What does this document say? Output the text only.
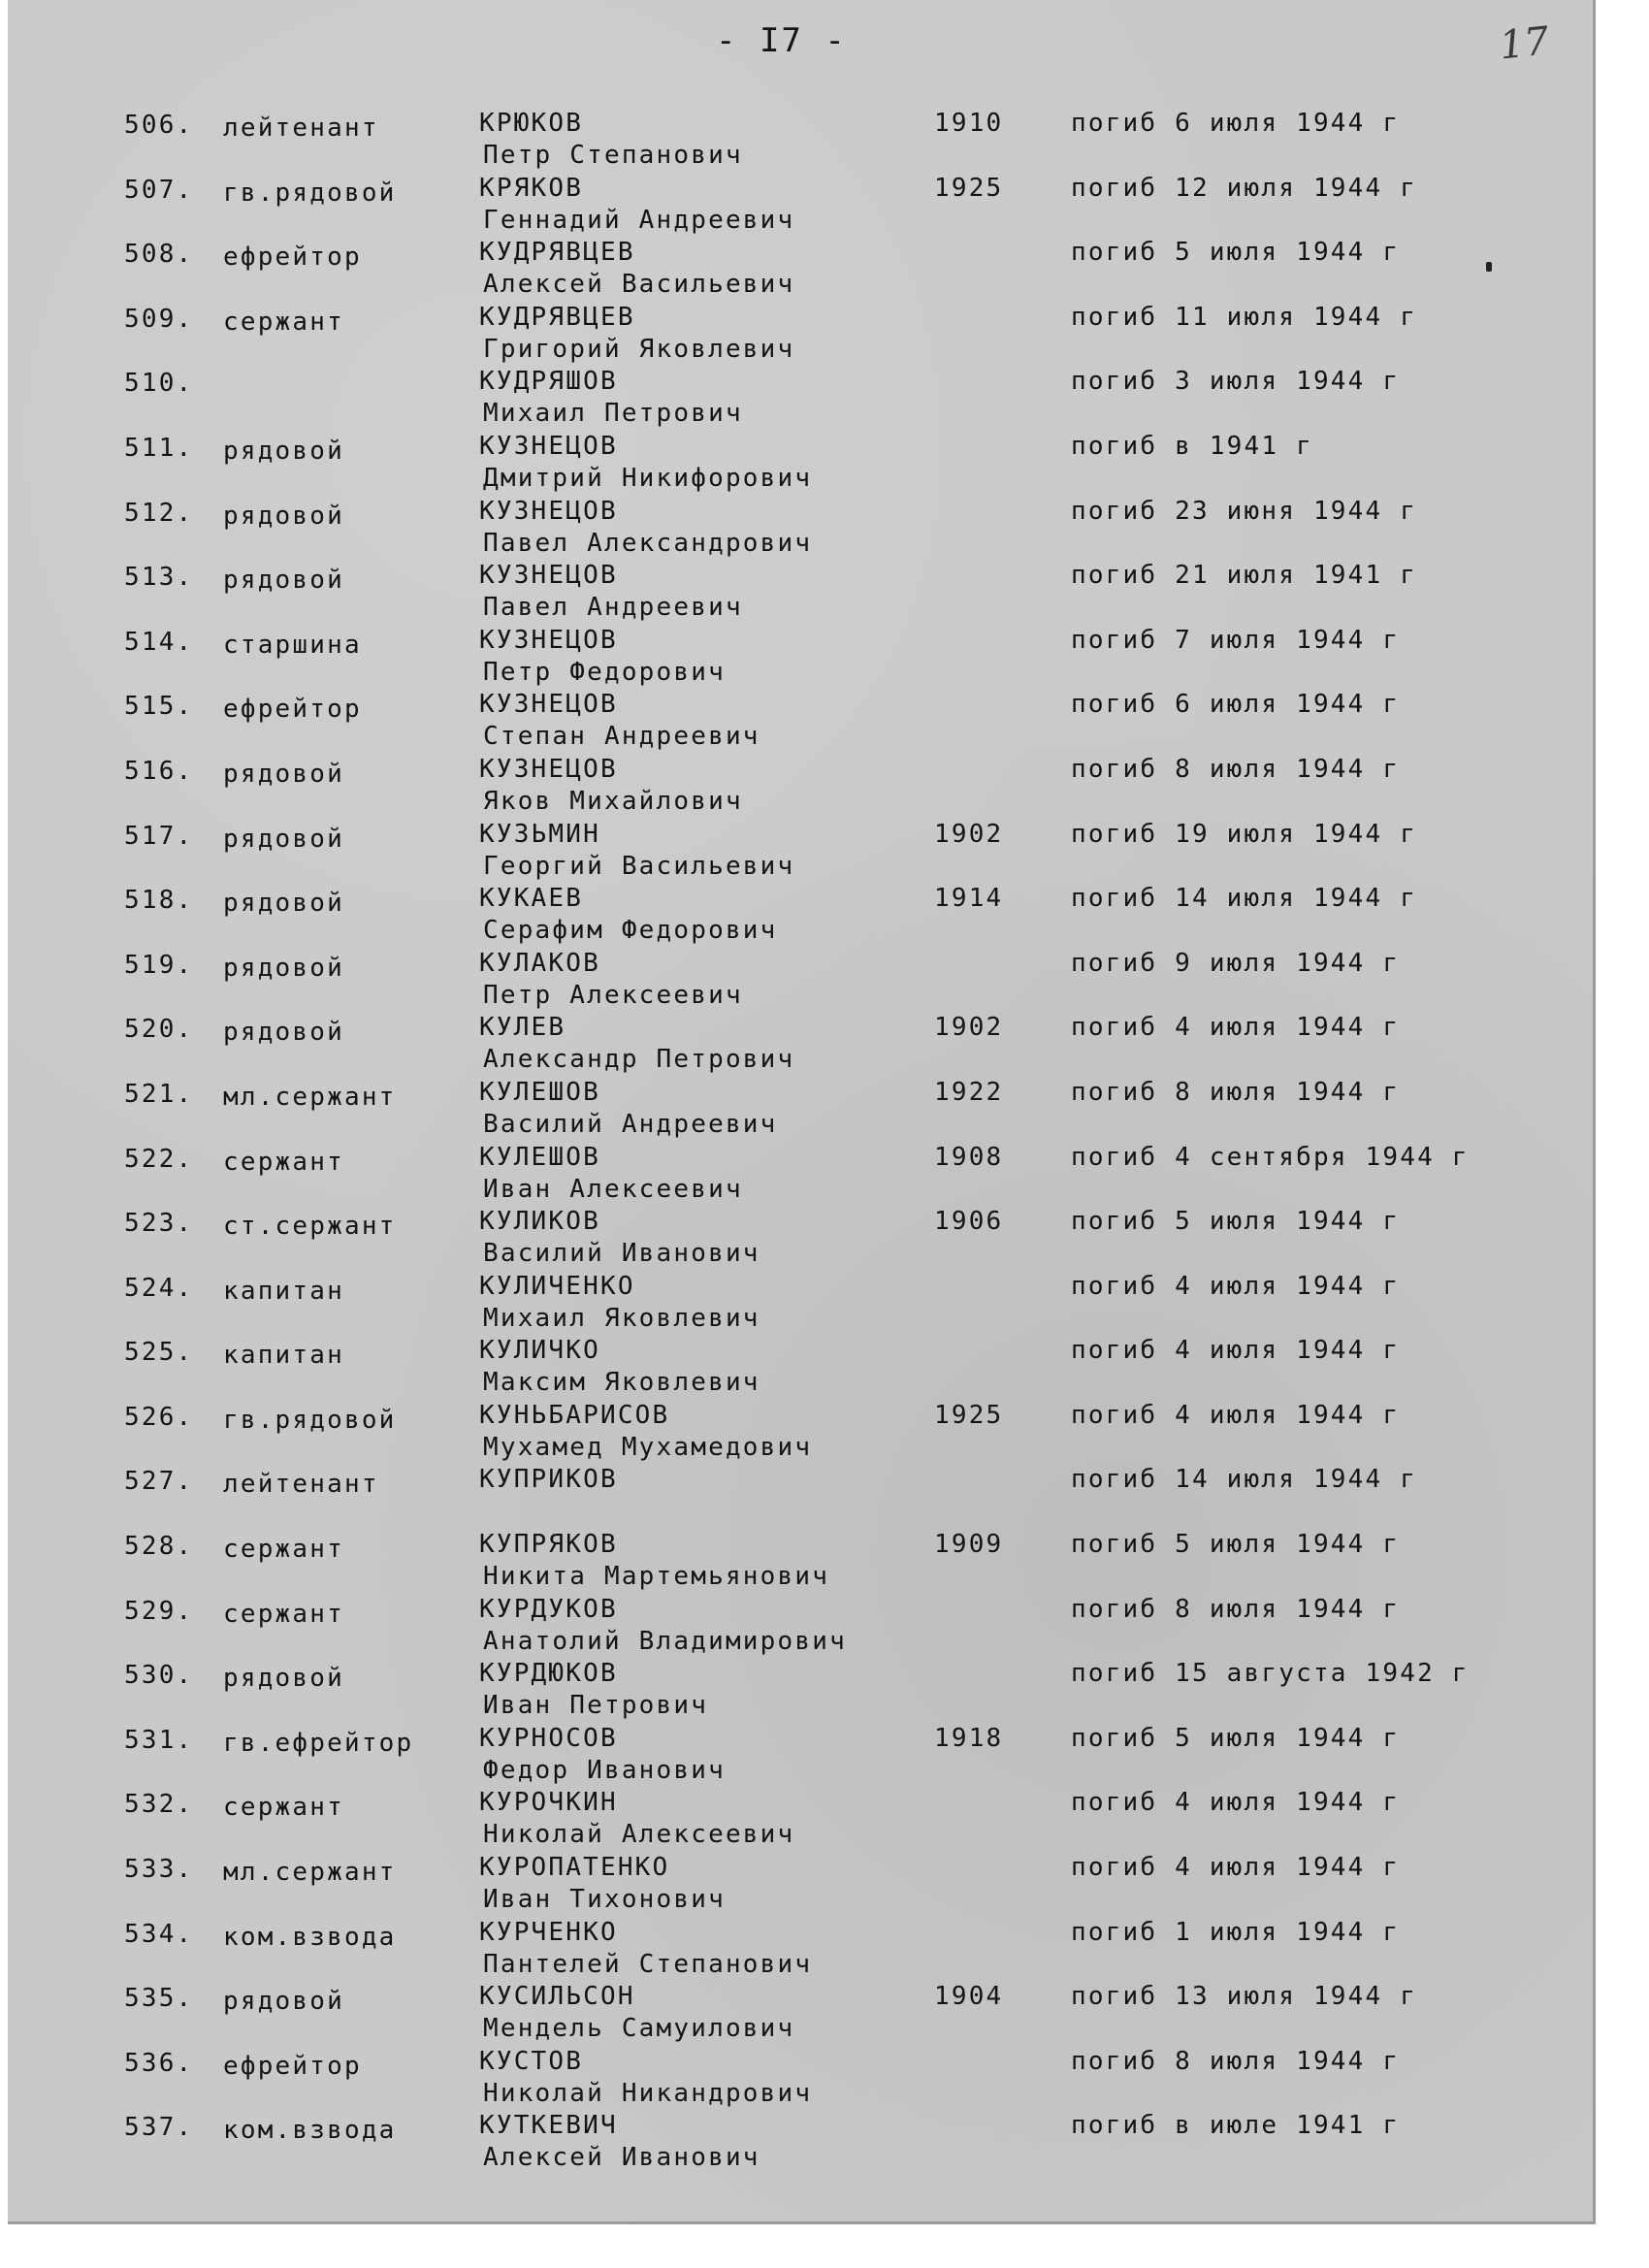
- I7 -	17
506. лейтенант	КРЮКОВ	1910	погиб 6 июля 1944 г
Петр Степанович
507. гв.рядовой	КРЯКОВ	1925	погиб 12 июля 1944 г
Геннадий Андреевич
508. ефрейтор	КУДРЯВЦЕВ	погиб 5 июля 1944 г
Алексей Васильевич
509. сержант	КУДРЯВЦЕВ	погиб 11 июля 1944 г
Григорий Яковлевич
510.	КУДРЯШОВ	погиб 3 июля 1944 г
Михаил Петрович
511. рядовой	КУЗНЕЦОВ	погиб в 1941 г
Дмитрий Никифорович
512. рядовой	КУЗНЕЦОВ	погиб 23 июня 1944 г
Павел Александрович
513. рядовой	КУЗНЕЦОВ	погиб 21 июля 1941 г
Павел Андреевич
514. старшина	КУЗНЕЦОВ	погиб 7 июля 1944 г
Петр Федорович
515. ефрейтор	КУЗНЕЦОВ	погиб 6 июля 1944 г
Степан Андреевич
516. рядовой	КУЗНЕЦОВ	погиб 8 июля 1944 г
Яков Михайлович
517. рядовой	КУЗЬМИН	1902	погиб 19 июля 1944 г
Георгий Васильевич
518. рядовой	КУКАЕВ	1914	погиб 14 июля 1944 г
Серафим Федорович
519. рядовой	КУЛАКОВ	погиб 9 июля 1944 г
Петр Алексеевич
520. рядовой	КУЛЕВ	1902	погиб 4 июля 1944 г
Александр Петрович
521. мл.сержант	КУЛЕШОВ	1922	погиб 8 июля 1944 г
Василий Андреевич
522. сержант	КУЛЕШОВ	1908	погиб 4 сентября 1944 г
Иван Алексеевич
523. ст.сержант	КУЛИКОВ	1906	погиб 5 июля 1944 г
Василий Иванович
524. капитан	КУЛИЧЕНКО	погиб 4 июля 1944 г
Михаил Яковлевич
525. капитан	КУЛИЧКО	погиб 4 июля 1944 г
Максим Яковлевич
526. гв.рядовой	КУНЬБАРИСОВ	1925	погиб 4 июля 1944 г
Мухамед Мухамедович
527. лейтенант	КУПРИКОВ	погиб 14 июля 1944 г
528. сержант	КУПРЯКОВ	1909	погиб 5 июля 1944 г
Никита Мартемьянович
529. сержант	КУРДУКОВ	погиб 8 июля 1944 г
Анатолий Владимирович
530. рядовой	КУРДЮКОВ	погиб 15 августа 1942 г
Иван Петрович
531. гв.ефрейтор	КУРНОСОВ	1918	погиб 5 июля 1944 г
Федор Иванович
532. сержант	КУРОЧКИН	погиб 4 июля 1944 г
Николай Алексеевич
533. мл.сержант	КУРОПАТЕНКО	погиб 4 июля 1944 г
Иван Тихонович
534. ком.взвода	КУРЧЕНКО	погиб 1 июля 1944 г
Пантелей Степанович
535. рядовой	КУСИЛЬСОН	1904	погиб 13 июля 1944 г
Мендель Самуилович
536. ефрейтор	КУСТОВ	погиб 8 июля 1944 г
Николай Никандрович
537. ком.взвода	КУТКЕВИЧ	погиб в июле 1941 г
Алексей Иванович
